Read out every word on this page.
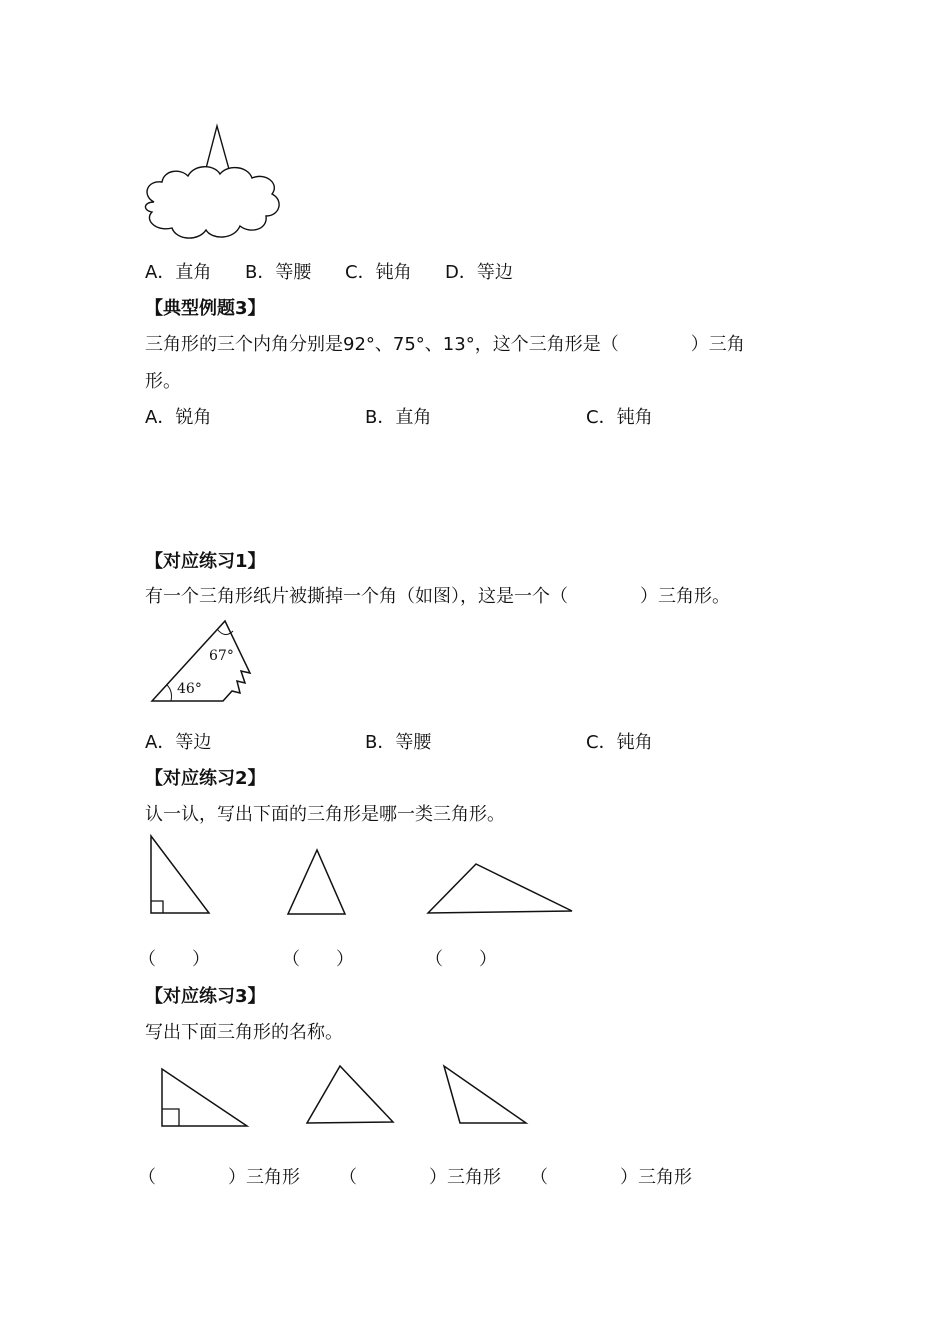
A．直角 B．等腰 C．钝角 D．等边
【典型例题3】
三角形的三个内角分别是92°、75°、13°，这个三角形是（　　　　）三角
形。
A．锐角	B．直角	C．钝角
【对应练习1】
有一个三角形纸片被撕掉一个角（如图），这是一个（　　　　）三角形。
67°
46°
A．等边	B．等腰	C．钝角
【对应练习2】
认一认，写出下面的三角形是哪一类三角形。
（　　）	（　　）	（　　）
【对应练习3】
写出下面三角形的名称。
（　　　　）三角形 （　　　　）三角形 （　　　　）三角形
